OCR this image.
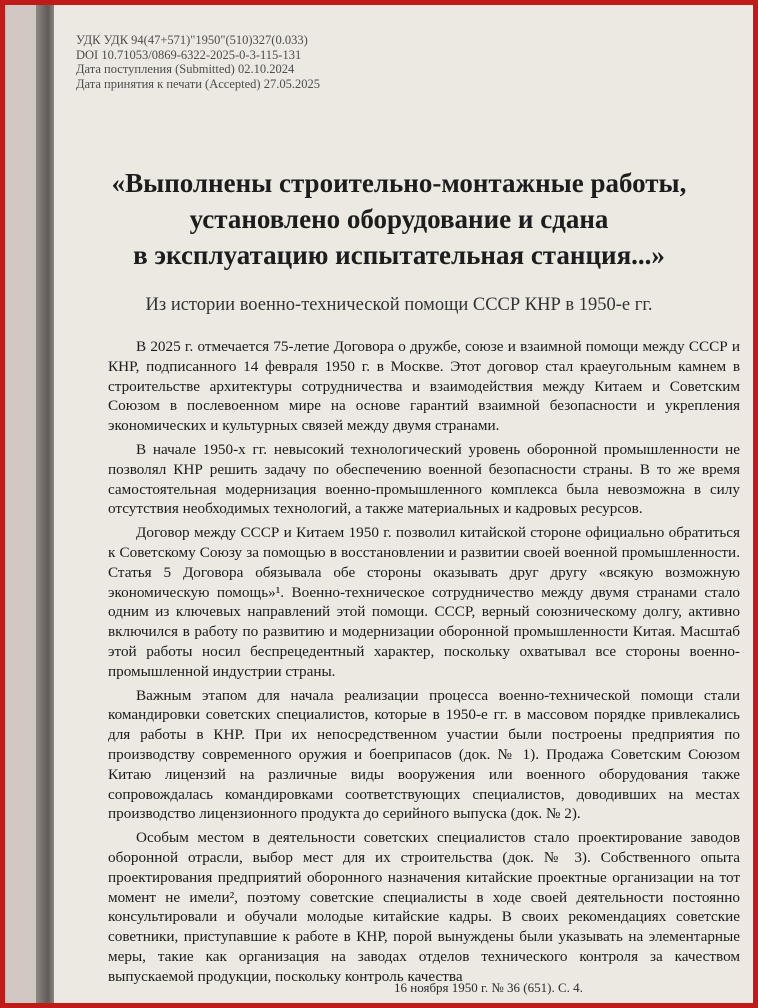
УДК УДК 94(47+571)"1950"(510)327(0.033)
DOI 10.71053/0869-6322-2025-0-3-115-131
Дата поступления (Submitted) 02.10.2024
Дата принятия к печати (Accepted) 27.05.2025
«Выполнены строительно-монтажные работы,
установлено оборудование и сдана
в эксплуатацию испытательная станция...»
Из истории военно-технической помощи СССР КНР в 1950-е гг.

В 2025 г. отмечается 75-летие Договора о дружбе, союзе и взаимной помощи между СССР и КНР, подписанного 14 февраля 1950 г. в Москве. Этот договор стал краеугольным камнем в строительстве архитектуры сотрудничества и взаимодействия между Китаем и Советским Союзом в послевоенном мире на основе гарантий взаимной безопасности и укрепления экономических и культурных связей между двумя странами.

В начале 1950-х гг. невысокий технологический уровень оборонной промышленности не позволял КНР решить задачу по обеспечению военной безопасности страны. В то же время самостоятельная модернизация военно-промышленного комплекса была невозможна в силу отсутствия необходимых технологий, а также материальных и кадровых ресурсов.

Договор между СССР и Китаем 1950 г. позволил китайской стороне официально обратиться к Советскому Союзу за помощью в восстановлении и развитии своей военной промышленности. Статья 5 Договора обязывала обе стороны оказывать друг другу «всякую возможную экономическую помощь»¹. Военно-техническое сотрудничество между двумя странами стало одним из ключевых направлений этой помощи. СССР, верный союзническому долгу, активно включился в работу по развитию и модернизации оборонной промышленности Китая. Масштаб этой работы носил беспрецедентный характер, поскольку охватывал все стороны военно-промышленной индустрии страны.

Важным этапом для начала реализации процесса военно-технической помощи стали командировки советских специалистов, которые в 1950-е гг. в массовом порядке привлекались для работы в КНР. При их непосредственном участии были построены предприятия по производству современного оружия и боеприпасов (док. № 1). Продажа Советским Союзом Китаю лицензий на различные виды вооружения или военного оборудования также сопровождалась командировками соответствующих специалистов, доводивших на местах производство лицензионного продукта до серийного выпуска (док. № 2).

Особым местом в деятельности советских специалистов стало проектирование заводов оборонной отрасли, выбор мест для их строительства (док. № 3). Собственного опыта проектирования предприятий оборонного назначения китайские проектные организации на тот момент не имели², поэтому советские специалисты в ходе своей деятельности постоянно консультировали и обучали молодые китайские кадры. В своих рекомендациях советские советники, приступавшие к работе в КНР, порой вынуждены были указывать на элементарные меры, такие как организация на заводах отделов технического контроля за качеством выпускаемой продукции, поскольку контроль качества

16 ноября 1950 г. № 36 (651). С. 4.
